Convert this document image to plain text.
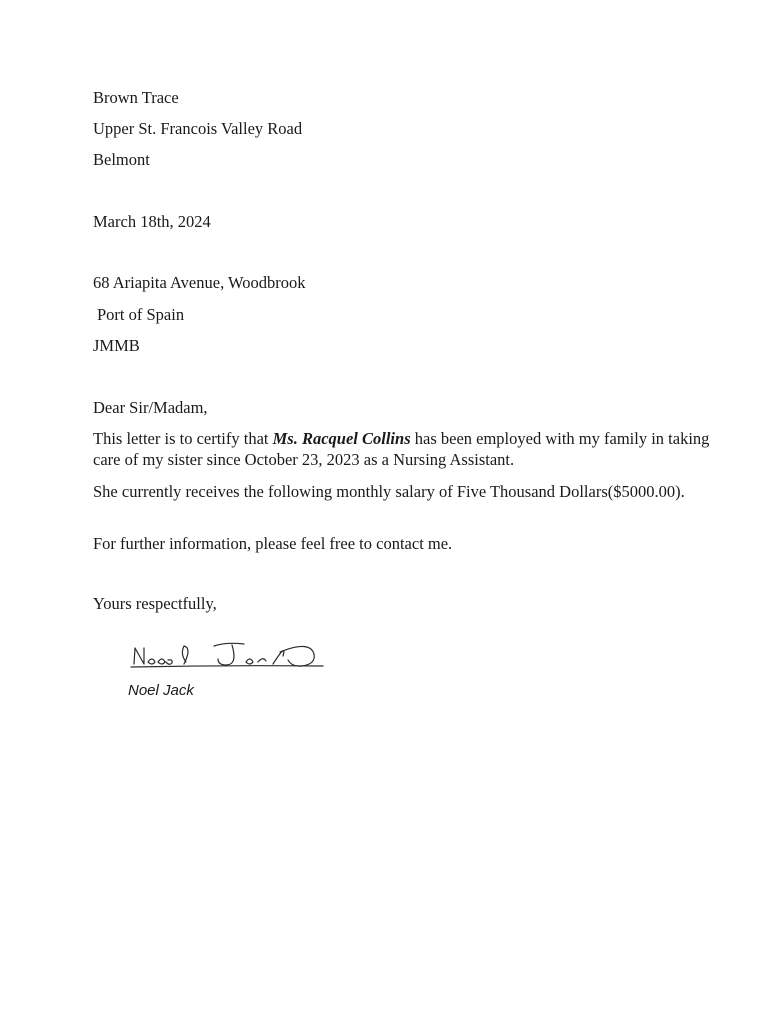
Brown Trace
Upper St. Francois Valley Road
Belmont
March 18th, 2024
68 Ariapita Avenue, Woodbrook
Port of Spain
JMMB
Dear Sir/Madam,
This letter is to certify that Ms. Racquel Collins has been employed with my family in taking care of my sister since October 23, 2023 as a Nursing Assistant.
She currently receives the following monthly salary of Five Thousand Dollars($5000.00).
For further information, please feel free to contact me.
Yours respectfully,
Noel Jack
